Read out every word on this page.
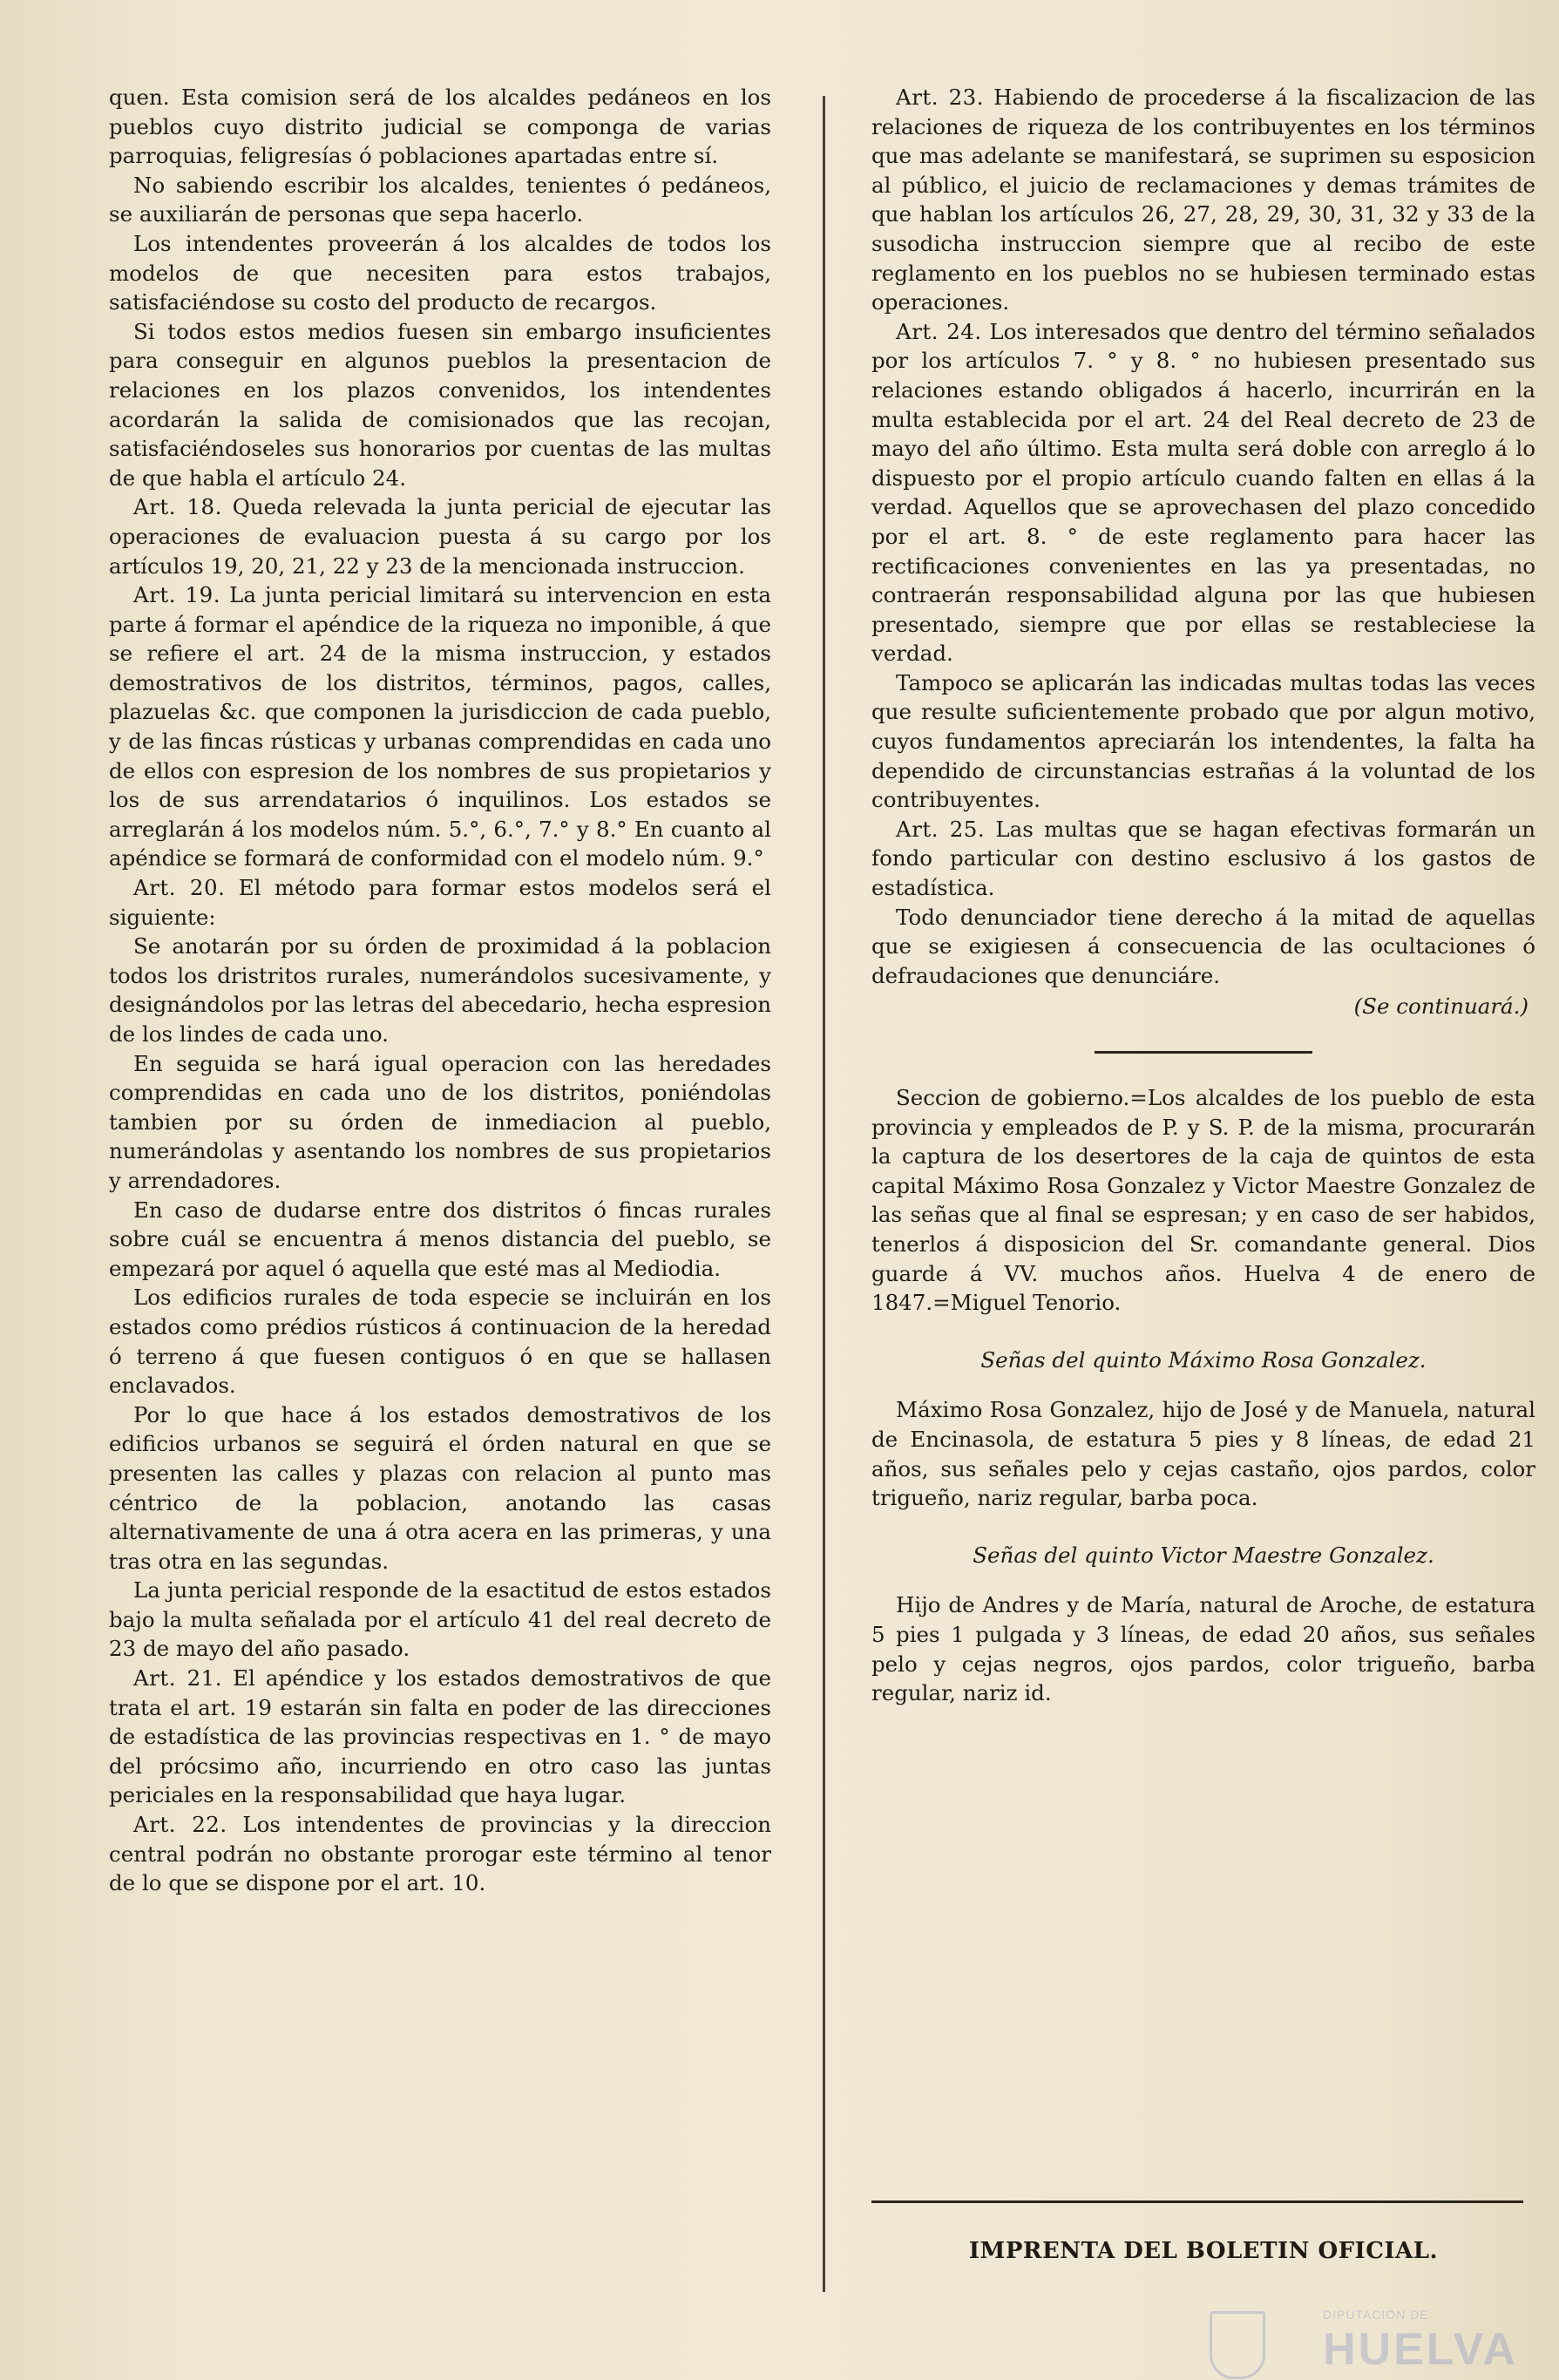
quen. Esta comision será de los alcaldes pedáneos en los pueblos cuyo distrito judicial se componga de varias parroquias, feligresías ó poblaciones apartadas entre sí.

No sabiendo escribir los alcaldes, tenientes ó pedáneos, se auxiliarán de personas que sepa hacerlo.

Los intendentes proveerán á los alcaldes de todos los modelos de que necesiten para estos trabajos, satisfaciéndose su costo del producto de recargos.

Si todos estos medios fuesen sin embargo insuficientes para conseguir en algunos pueblos la presentacion de relaciones en los plazos convenidos, los intendentes acordarán la salida de comisionados que las recojan, satisfaciéndoseles sus honorarios por cuentas de las multas de que habla el artículo 24.

Art. 18. Queda relevada la junta pericial de ejecutar las operaciones de evaluacion puesta á su cargo por los artículos 19, 20, 21, 22 y 23 de la mencionada instruccion.

Art. 19. La junta pericial limitará su intervencion en esta parte á formar el apéndice de la riqueza no imponible, á que se refiere el art. 24 de la misma instruccion, y estados demostrativos de los distritos, términos, pagos, calles, plazuelas &c. que componen la jurisdiccion de cada pueblo, y de las fincas rústicas y urbanas comprendidas en cada uno de ellos con espresion de los nombres de sus propietarios y los de sus arrendatarios ó inquilinos. Los estados se arreglarán á los modelos núm. 5.°, 6.°, 7.° y 8.° En cuanto al apéndice se formará de conformidad con el modelo núm. 9.°

Art. 20. El método para formar estos modelos será el siguiente:

Se anotarán por su órden de proximidad á la poblacion todos los dristritos rurales, numerándolos sucesivamente, y designándolos por las letras del abecedario, hecha espresion de los lindes de cada uno.

En seguida se hará igual operacion con las heredades comprendidas en cada uno de los distritos, poniéndolas tambien por su órden de inmediacion al pueblo, numerándolas y asentando los nombres de sus propietarios y arrendadores.

En caso de dudarse entre dos distritos ó fincas rurales sobre cuál se encuentra á menos distancia del pueblo, se empezará por aquel ó aquella que esté mas al Mediodia.

Los edificios rurales de toda especie se incluirán en los estados como prédios rústicos á continuacion de la heredad ó terreno á que fuesen contiguos ó en que se hallasen enclavados.

Por lo que hace á los estados demostrativos de los edificios urbanos se seguirá el órden natural en que se presenten las calles y plazas con relacion al punto mas céntrico de la poblacion, anotando las casas alternativamente de una á otra acera en las primeras, y una tras otra en las segundas.

La junta pericial responde de la esactitud de estos estados bajo la multa señalada por el artículo 41 del real decreto de 23 de mayo del año pasado.

Art. 21. El apéndice y los estados demostrativos de que trata el art. 19 estarán sin falta en poder de las direcciones de estadística de las provincias respectivas en 1. ° de mayo del prócsimo año, incurriendo en otro caso las juntas periciales en la responsabilidad que haya lugar.

Art. 22. Los intendentes de provincias y la direccion central podrán no obstante prorogar este término al tenor de lo que se dispone por el art. 10.

Art. 23. Habiendo de procederse á la fiscalizacion de las relaciones de riqueza de los contribuyentes en los términos que mas adelante se manifestará, se suprimen su esposicion al público, el juicio de reclamaciones y demas trámites de que hablan los artículos 26, 27, 28, 29, 30, 31, 32 y 33 de la susodicha instruccion siempre que al recibo de este reglamento en los pueblos no se hubiesen terminado estas operaciones.

Art. 24. Los interesados que dentro del término señalados por los artículos 7. ° y 8. ° no hubiesen presentado sus relaciones estando obligados á hacerlo, incurrirán en la multa establecida por el art. 24 del Real decreto de 23 de mayo del año último. Esta multa será doble con arreglo á lo dispuesto por el propio artículo cuando falten en ellas á la verdad. Aquellos que se aprovechasen del plazo concedido por el art. 8. ° de este reglamento para hacer las rectificaciones convenientes en las ya presentadas, no contraerán responsabilidad alguna por las que hubiesen presentado, siempre que por ellas se restableciese la verdad.

Tampoco se aplicarán las indicadas multas todas las veces que resulte suficientemente probado que por algun motivo, cuyos fundamentos apreciarán los intendentes, la falta ha dependido de circunstancias estrañas á la voluntad de los contribuyentes.

Art. 25. Las multas que se hagan efectivas formarán un fondo particular con destino esclusivo á los gastos de estadística.

Todo denunciador tiene derecho á la mitad de aquellas que se exigiesen á consecuencia de las ocultaciones ó defraudaciones que denunciáre.

(Se continuará.)

Seccion de gobierno.=Los alcaldes de los pueblo de esta provincia y empleados de P. y S. P. de la misma, procurarán la captura de los desertores de la caja de quintos de esta capital Máximo Rosa Gonzalez y Victor Maestre Gonzalez de las señas que al final se espresan; y en caso de ser habidos, tenerlos á disposicion del Sr. comandante general. Dios guarde á VV. muchos años. Huelva 4 de enero de 1847.=Miguel Tenorio.

Señas del quinto Máximo Rosa Gonzalez.

Máximo Rosa Gonzalez, hijo de José y de Manuela, natural de Encinasola, de estatura 5 pies y 8 líneas, de edad 21 años, sus señales pelo y cejas castaño, ojos pardos, color trigueño, nariz regular, barba poca.

Señas del quinto Victor Maestre Gonzalez.

Hijo de Andres y de María, natural de Aroche, de estatura 5 pies 1 pulgada y 3 líneas, de edad 20 años, sus señales pelo y cejas negros, ojos pardos, color trigueño, barba regular, nariz id.

IMPRENTA DEL BOLETIN OFICIAL.
DIPUTACIÓN DE
HUELVA
